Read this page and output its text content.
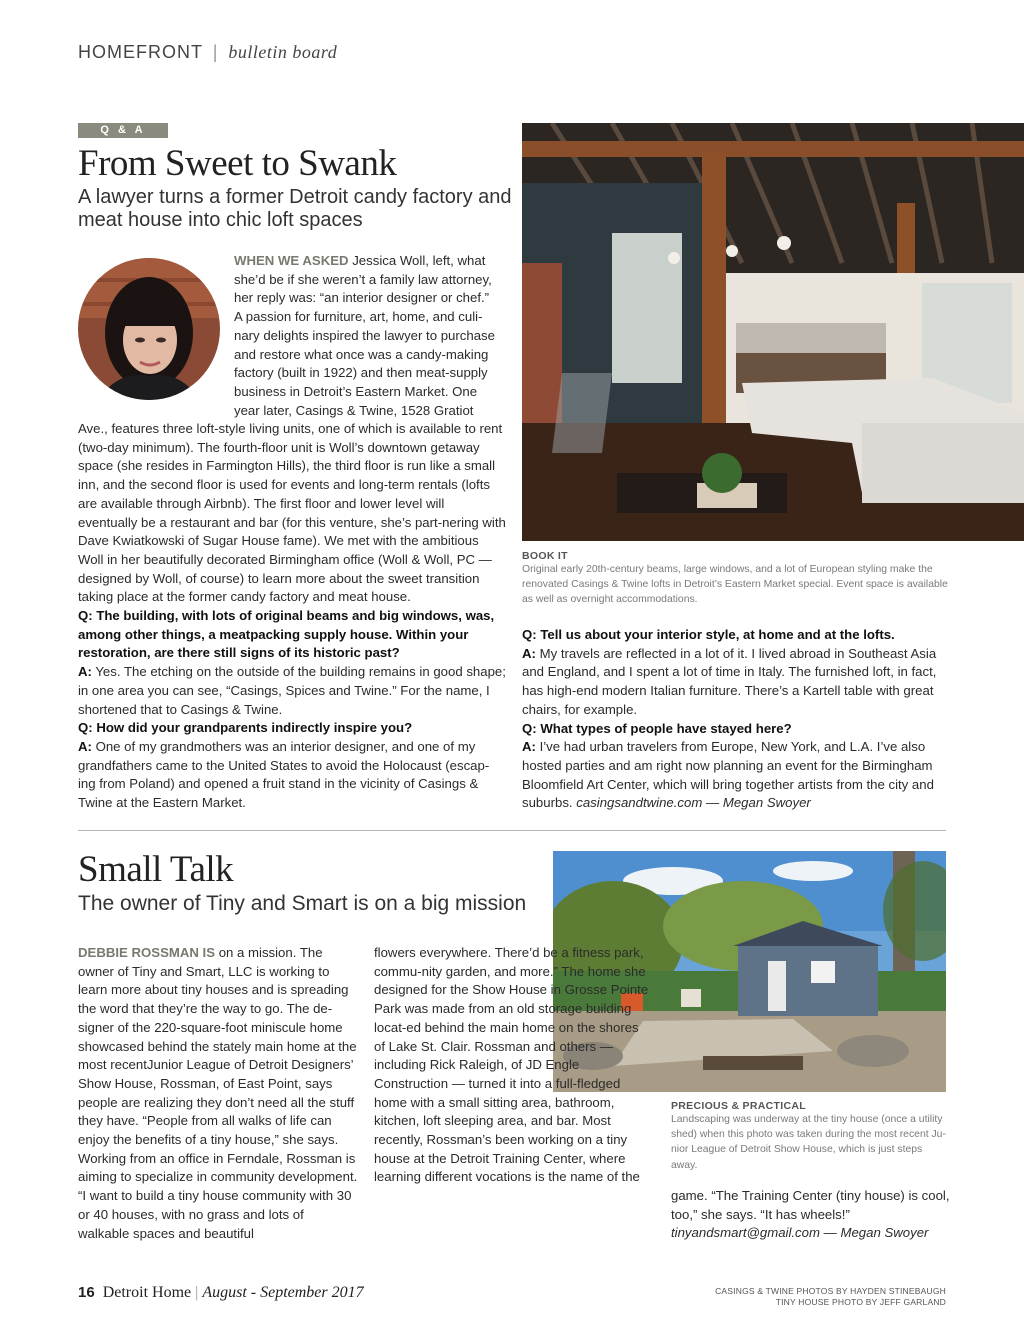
HOMEFRONT | bulletin board
Q & A
From Sweet to Swank
A lawyer turns a former Detroit candy factory and meat house into chic loft spaces

WHEN WE ASKED Jessica Woll, left, what

she’d be if she weren’t a family law attorney,

her reply was: “an interior designer or chef.”

A passion for furniture, art, home, and culi-

nary delights inspired the lawyer to purchase

and restore what once was a candy-making

factory (built in 1922) and then meat-supply

business in Detroit’s Eastern Market. One

year later, Casings & Twine, 1528 Gratiot

Ave., features three loft-style living units, one of which is available to rent (two-day minimum). The fourth-floor unit is Woll’s downtown getaway space (she resides in Farmington Hills), the third floor is run like a small inn, and the second floor is used for events and long-term rentals (lofts are available through Airbnb). The first floor and lower level will eventually be a restaurant and bar (for this venture, she’s part-nering with Dave Kwiatkowski of Sugar House fame). We met with the ambitious Woll in her beautifully decorated Birmingham office (Woll & Woll, PC — designed by Woll, of course) to learn more about the sweet transition taking place at the former candy factory and meat house.

Q: The building, with lots of original beams and big windows, was, among other things, a meatpacking supply house. Within your restoration, are there still signs of its historic past?

A: Yes. The etching on the outside of the building remains in good shape; in one area you can see, “Casings, Spices and Twine.” For the name, I shortened that to Casings & Twine.

Q: How did your grandparents indirectly inspire you?

A: One of my grandmothers was an interior designer, and one of my grandfathers came to the United States to avoid the Holocaust (escap-ing from Poland) and opened a fruit stand in the vicinity of Casings & Twine at the Eastern Market.

BOOK IT
Original early 20th-century beams, large windows, and a lot of European styling make the renovated Casings & Twine lofts in Detroit’s Eastern Market special. Event space is available as well as overnight accommodations.

Q: Tell us about your interior style, at home and at the lofts.

A: My travels are reflected in a lot of it. I lived abroad in Southeast Asia and England, and I spent a lot of time in Italy. The furnished loft, in fact, has high-end modern Italian furniture. There’s a Kartell table with great chairs, for example.

Q: What types of people have stayed here?

A: I’ve had urban travelers from Europe, New York, and L.A. I’ve also hosted parties and am right now planning an event for the Birmingham Bloomfield Art Center, which will bring together artists from the city and suburbs. casingsandtwine.com — Megan Swoyer

Small Talk
The owner of Tiny and Smart is on a big mission

DEBBIE ROSSMAN IS on a mission. The owner of Tiny and Smart, LLC is working to learn more about tiny houses and is spreading the word that they’re the way to go. The de-signer of the 220-square-foot miniscule home showcased behind the stately main home at the most recentJunior League of Detroit Designers’ Show House, Rossman, of East Point, says people are realizing they don’t need all the stuff they have. “People from all walks of life can enjoy the benefits of a tiny house,” she says. Working from an office in Ferndale, Rossman is aiming to specialize in community development. “I want to build a tiny house community with 30 or 40 houses, with no grass and lots of walkable spaces and beautiful

flowers everywhere. There’d be a fitness park, commu-nity garden, and more.” The home she designed for the Show House in Grosse Pointe Park was made from an old storage building locat-ed behind the main home on the shores of Lake St. Clair. Rossman and others — including Rick Raleigh, of JD Engle Construction — turned it into a full-fledged home with a small sitting area, bathroom, kitchen, loft sleeping area, and bar. Most recently, Rossman’s been working on a tiny house at the Detroit Training Center, where learning different vocations is the name of the

PRECIOUS & PRACTICAL
Landscaping was underway at the tiny house (once a utility shed) when this photo was taken during the most recent Ju-nior League of Detroit Show House, which is just steps away.

game. “The Training Center (tiny house) is cool, too,” she says. “It has wheels!”

tinyandsmart@gmail.com — Megan Swoyer

16 Detroit Home | August - September 2017	CASINGS & TWINE PHOTOS BY HAYDEN STINEBAUGH
TINY HOUSE PHOTO BY JEFF GARLAND
